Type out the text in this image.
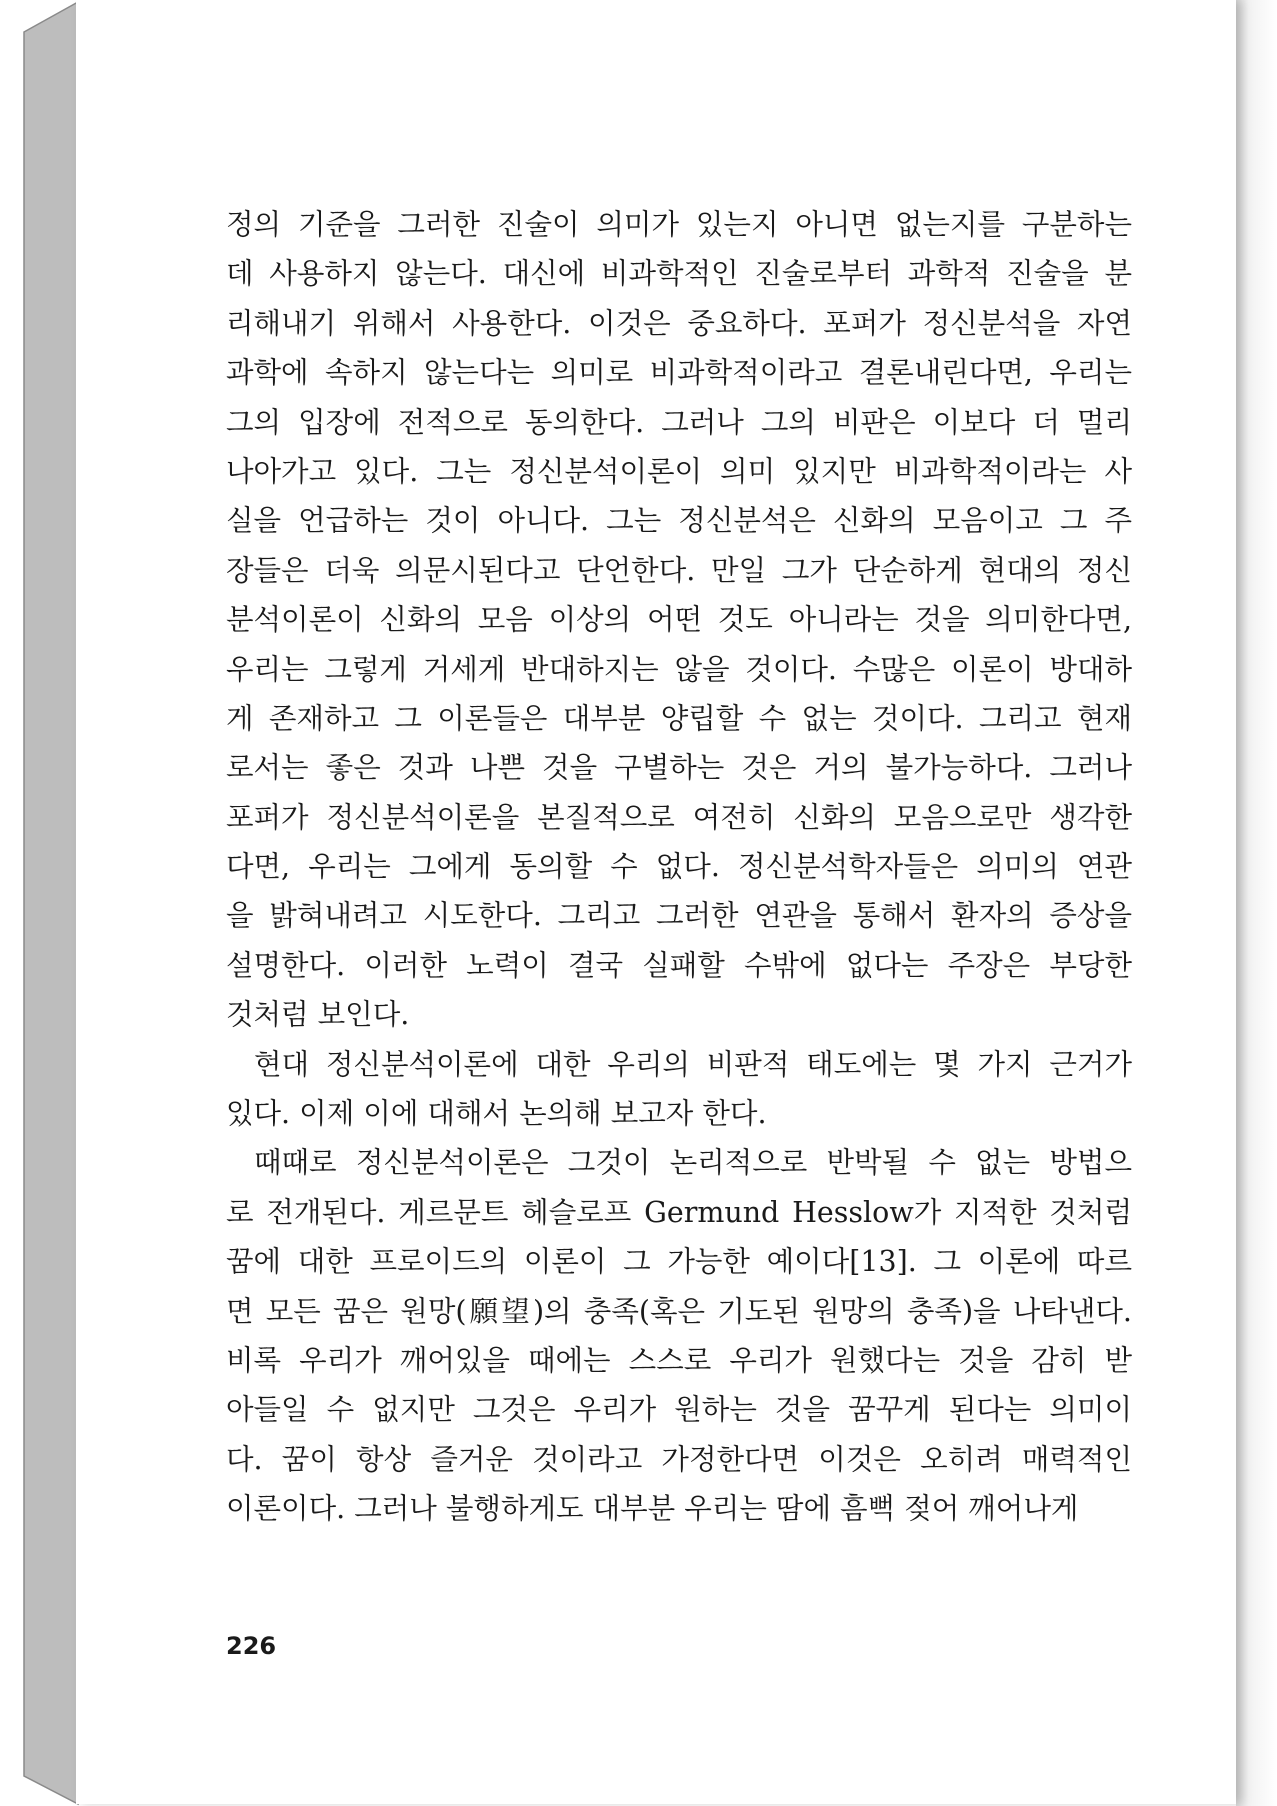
정의 기준을 그러한 진술이 의미가 있는지 아니면 없는지를 구분하는
데 사용하지 않는다. 대신에 비과학적인 진술로부터 과학적 진술을 분
리해내기 위해서 사용한다. 이것은 중요하다. 포퍼가 정신분석을 자연
과학에 속하지 않는다는 의미로 비과학적이라고 결론내린다면, 우리는
그의 입장에 전적으로 동의한다. 그러나 그의 비판은 이보다 더 멀리
나아가고 있다. 그는 정신분석이론이 의미 있지만 비과학적이라는 사
실을 언급하는 것이 아니다. 그는 정신분석은 신화의 모음이고 그 주
장들은 더욱 의문시된다고 단언한다. 만일 그가 단순하게 현대의 정신
분석이론이 신화의 모음 이상의 어떤 것도 아니라는 것을 의미한다면,
우리는 그렇게 거세게 반대하지는 않을 것이다. 수많은 이론이 방대하
게 존재하고 그 이론들은 대부분 양립할 수 없는 것이다. 그리고 현재
로서는 좋은 것과 나쁜 것을 구별하는 것은 거의 불가능하다. 그러나
포퍼가 정신분석이론을 본질적으로 여전히 신화의 모음으로만 생각한
다면, 우리는 그에게 동의할 수 없다. 정신분석학자들은 의미의 연관
을 밝혀내려고 시도한다. 그리고 그러한 연관을 통해서 환자의 증상을
설명한다. 이러한 노력이 결국 실패할 수밖에 없다는 주장은 부당한
것처럼 보인다.

현대 정신분석이론에 대한 우리의 비판적 태도에는 몇 가지 근거가
있다. 이제 이에 대해서 논의해 보고자 한다.

때때로 정신분석이론은 그것이 논리적으로 반박될 수 없는 방법으
로 전개된다. 게르문트 헤슬로프 Germund Hesslow가 지적한 것처럼
꿈에 대한 프로이드의 이론이 그 가능한 예이다[13]. 그 이론에 따르
면 모든 꿈은 원망(願望)의 충족(혹은 기도된 원망의 충족)을 나타낸다.
비록 우리가 깨어있을 때에는 스스로 우리가 원했다는 것을 감히 받
아들일 수 없지만 그것은 우리가 원하는 것을 꿈꾸게 된다는 의미이
다. 꿈이 항상 즐거운 것이라고 가정한다면 이것은 오히려 매력적인
이론이다. 그러나 불행하게도 대부분 우리는 땀에 흠뻑 젖어 깨어나게

226
